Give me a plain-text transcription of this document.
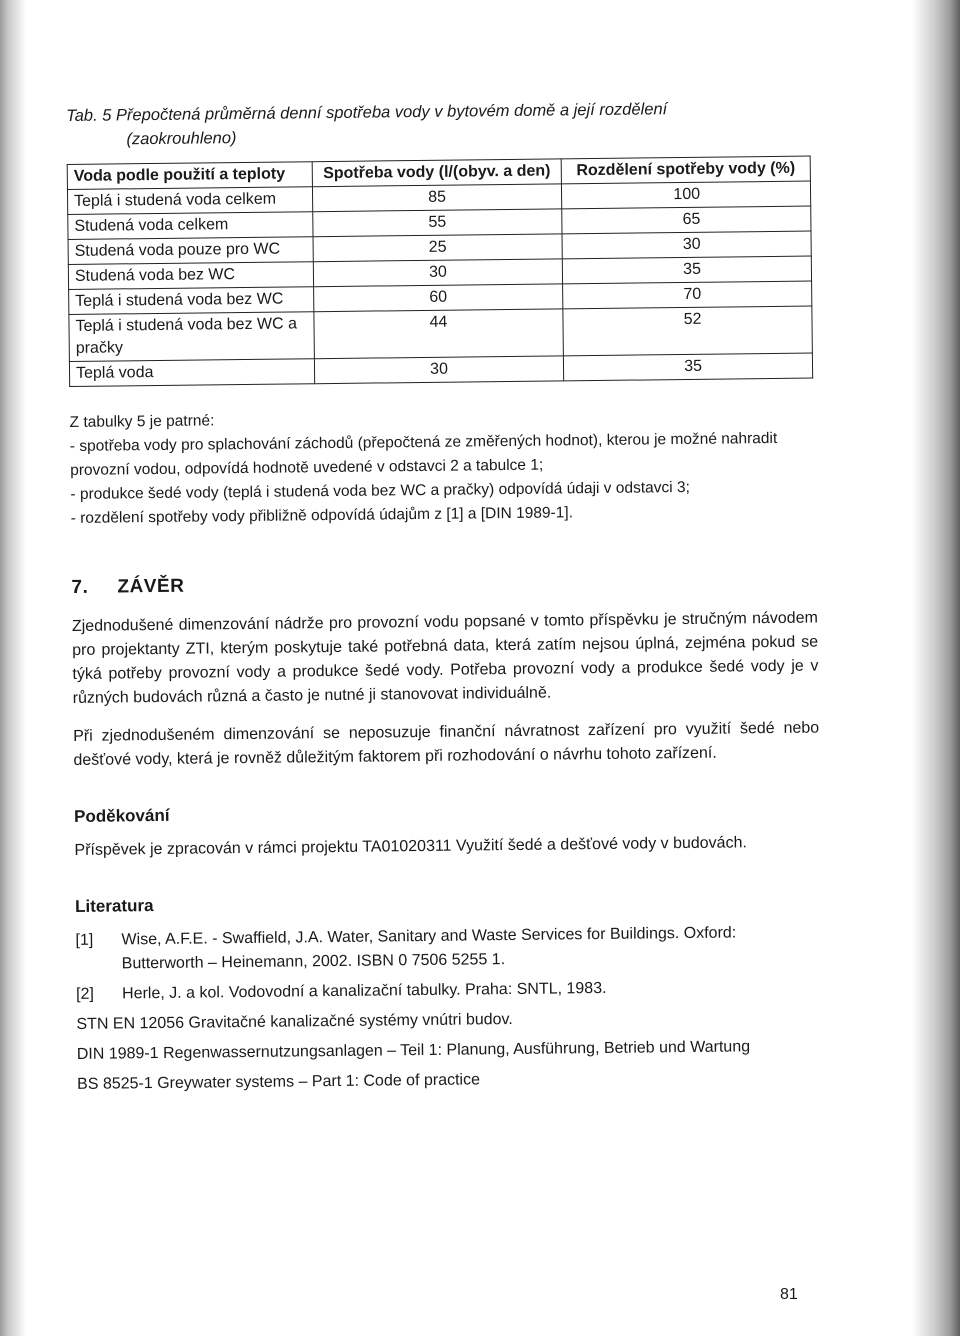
Tab. 5 Přepočtená průměrná denní spotřeba vody v bytovém domě a její rozdělení
(zaokrouhleno)

Voda podle použití a teploty	Spotřeba vody (l/(obyv. a den)	Rozdělení spotřeby vody (%)
Teplá i studená voda celkem	85	100
Studená voda celkem	55	65
Studená voda pouze pro WC	25	30
Studená voda bez WC	30	35
Teplá i studená voda bez WC	60	70
Teplá i studená voda bez WC a pračky	44	52
Teplá voda	30	35

Z tabulky 5 je patrné:

- spotřeba vody pro splachování záchodů (přepočtená ze změřených hodnot), kterou je možné nahradit provozní vodou, odpovídá hodnotě uvedené v odstavci 2 a tabulce 1;

- produkce šedé vody (teplá i studená voda bez WC a pračky) odpovídá údaji v odstavci 3;

- rozdělení spotřeby vody přibližně odpovídá údajům z [1] a [DIN 1989-1].

7. ZÁVĚR

Zjednodušené dimenzování nádrže pro provozní vodu popsané v tomto příspěvku je stručným návodem pro projektanty ZTI, kterým poskytuje také potřebná data, která zatím nejsou úplná, zejména pokud se týká potřeby provozní vody a produkce šedé vody. Potřeba provozní vody a produkce šedé vody je v různých budovách různá a často je nutné ji stanovovat individuálně.

Při zjednodušeném dimenzování se neposuzuje finanční návratnost zařízení pro využití šedé nebo dešťové vody, která je rovněž důležitým faktorem při rozhodování o návrhu tohoto zařízení.

Poděkování

Příspěvek je zpracován v rámci projektu TA01020311 Využití šedé a dešťové vody v budovách.

Literatura
[1]	Wise, A.F.E. - Swaffield, J.A. Water, Sanitary and Waste Services for Buildings. Oxford: Butterworth – Heinemann, 2002. ISBN 0 7506 5255 1.
[2]	Herle, J. a kol. Vodovodní a kanalizační tabulky. Praha: SNTL, 1983.
STN EN 12056 Gravitačné kanalizačné systémy vnútri budov.
DIN 1989-1 Regenwassernutzungsanlagen – Teil 1: Planung, Ausführung, Betrieb und Wartung
BS 8525-1 Greywater systems – Part 1: Code of practice
81
